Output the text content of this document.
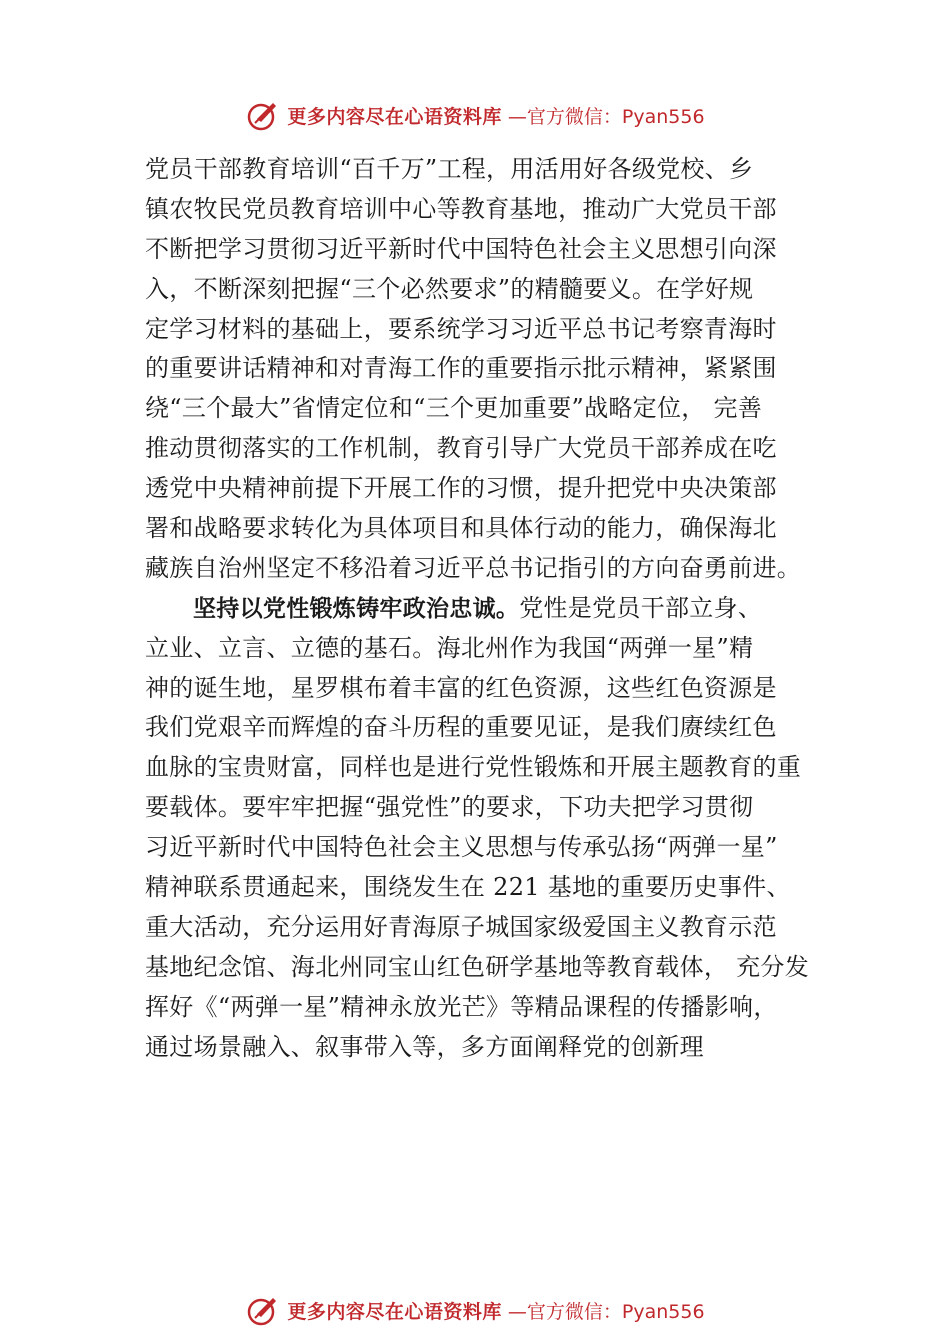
更多内容尽在心语资料库 —官方微信：Pyan556
党员干部教育培训“百千万”工程，用活用好各级党校、乡
镇农牧民党员教育培训中心等教育基地，推动广大党员干部
不断把学习贯彻习近平新时代中国特色社会主义思想引向深
入，不断深刻把握“三个必然要求”的精髓要义。在学好规
定学习材料的基础上，要系统学习习近平总书记考察青海时
的重要讲话精神和对青海工作的重要指示批示精神，紧紧围
绕“三个最大”省情定位和“三个更加重要”战略定位， 完善
推动贯彻落实的工作机制，教育引导广大党员干部养成在吃
透党中央精神前提下开展工作的习惯，提升把党中央决策部
署和战略要求转化为具体项目和具体行动的能力，确保海北
藏族自治州坚定不移沿着习近平总书记指引的方向奋勇前进。
坚持以党性锻炼铸牢政治忠诚。党性是党员干部立身、
立业、立言、立德的基石。海北州作为我国“两弹一星”精
神的诞生地，星罗棋布着丰富的红色资源，这些红色资源是
我们党艰辛而辉煌的奋斗历程的重要见证，是我们赓续红色
血脉的宝贵财富，同样也是进行党性锻炼和开展主题教育的重
要载体。要牢牢把握“强党性”的要求，下功夫把学习贯彻
习近平新时代中国特色社会主义思想与传承弘扬“两弹一星”
精神联系贯通起来，围绕发生在 221 基地的重要历史事件、
重大活动，充分运用好青海原子城国家级爱国主义教育示范
基地纪念馆、海北州同宝山红色研学基地等教育载体， 充分发
挥好《“两弹一星”精神永放光芒》等精品课程的传播影响，
通过场景融入、叙事带入等，多方面阐释党的创新理
更多内容尽在心语资料库 —官方微信：Pyan556
